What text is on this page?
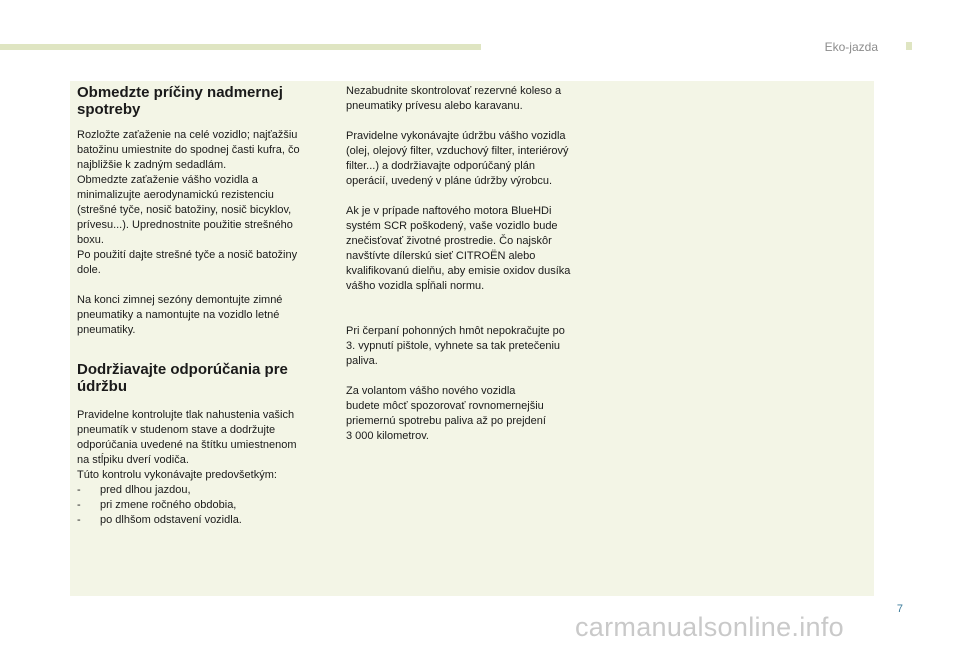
Eko-jazda
Obmedzte príčiny nadmernej
spotreby

Rozložte zaťaženie na celé vozidlo; najťažšiu
batožinu umiestnite do spodnej časti kufra, čo
najbližšie k zadným sedadlám.
Obmedzte zaťaženie vášho vozidla a
minimalizujte aerodynamickú rezistenciu
(strešné tyče, nosič batožiny, nosič bicyklov,
prívesu...). Uprednostnite použitie strešného
boxu.
Po použití dajte strešné tyče a nosič batožiny
dole.

Na konci zimnej sezóny demontujte zimné
pneumatiky a namontujte na vozidlo letné
pneumatiky.

Dodržiavajte odporúčania pre
údržbu

Pravidelne kontrolujte tlak nahustenia vašich
pneumatík v studenom stave a dodržujte
odporúčania uvedené na štítku umiestnenom
na stĺpiku dverí vodiča.
Túto kontrolu vykonávajte predovšetkým:

-	pred dlhou jazdou,
-	pri zmene ročného obdobia,
-	po dlhšom odstavení vozidla.

Nezabudnite skontrolovať rezervné koleso a
pneumatiky prívesu alebo karavanu.

Pravidelne vykonávajte údržbu vášho vozidla
(olej, olejový filter, vzduchový filter, interiérový
filter...) a dodržiavajte odporúčaný plán
operácií, uvedený v pláne údržby výrobcu.

Ak je v prípade naftového motora BlueHDi
systém SCR poškodený, vaše vozidlo bude
znečisťovať životné prostredie. Čo najskôr
navštívte dílerskú sieť CITROËN alebo
kvalifikovanú dielňu, aby emisie oxidov dusíka
vášho vozidla spĺňali normu.

Pri čerpaní pohonných hmôt nepokračujte po
3. vypnutí pištole, vyhnete sa tak pretečeniu
paliva.

Za volantom vášho nového vozidla
budete môcť spozorovať rovnomernejšiu
priemernú spotrebu paliva až po prejdení
3 000 kilometrov.

7
carmanualsonline.info
